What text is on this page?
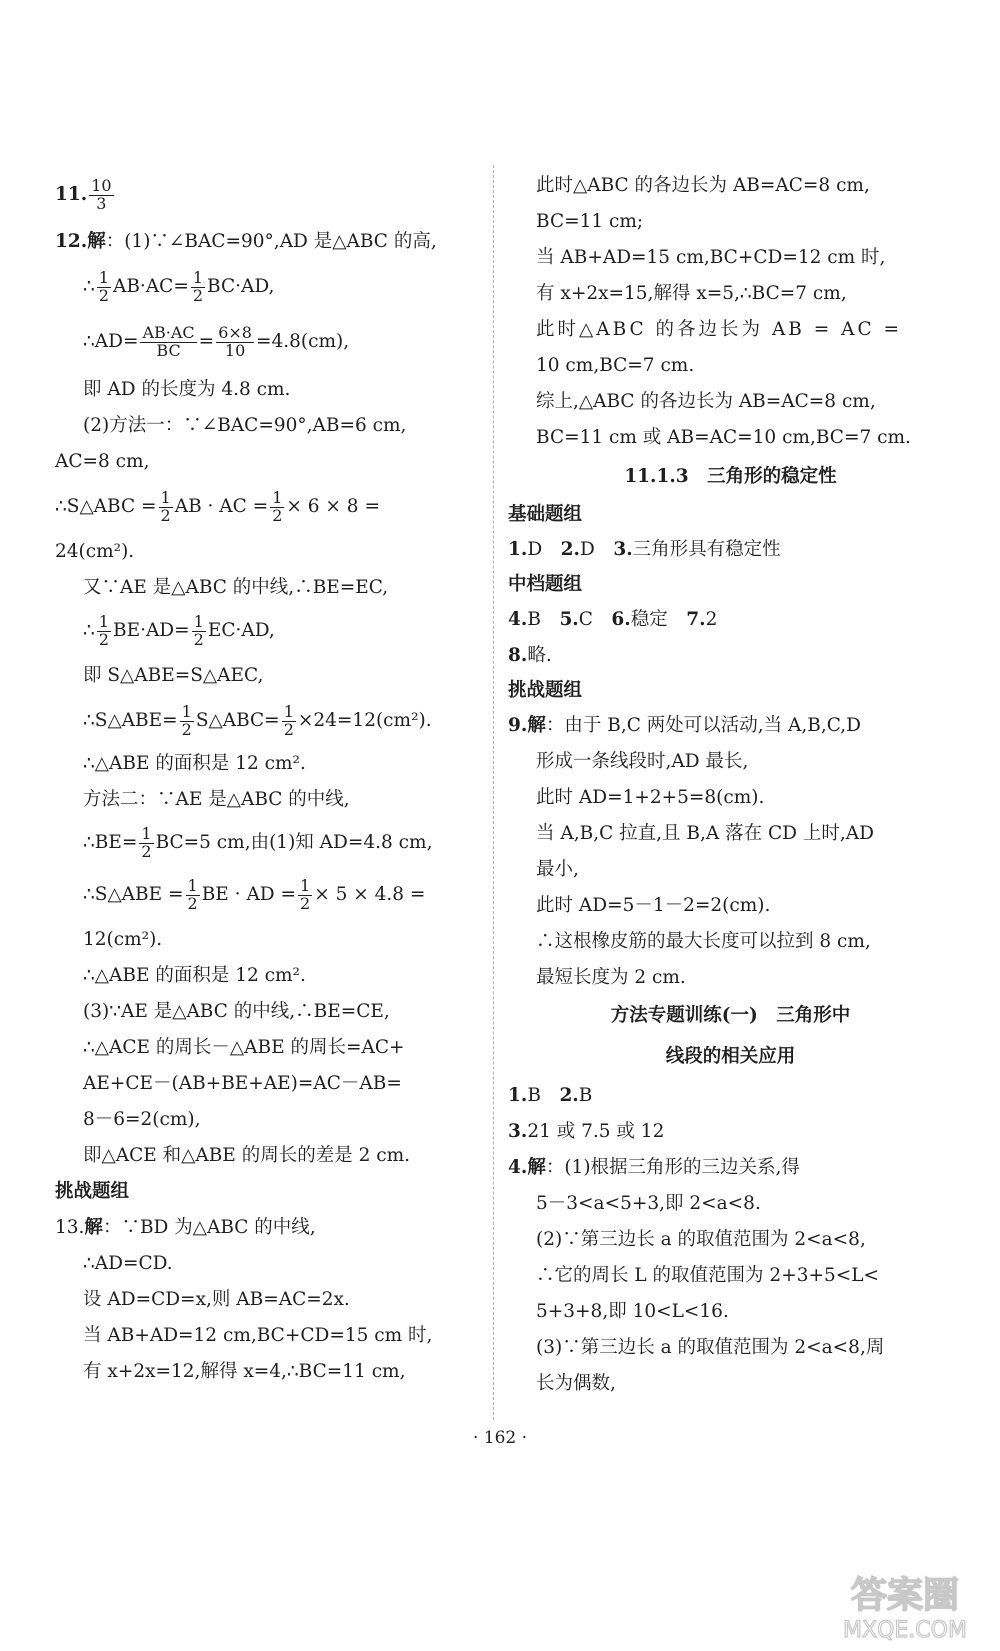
11. $\frac{10}{3}$
12. 解 ：(1)∵∠BAC=90°,AD 是△ABC 的高,
∴ $\frac{1}{2} AB\cdot AC= \frac{1}{2} BC\cdot AD$,
∴AD= $\frac{AB\cdot AC}{BC} = \frac{6\times 8}{10} =4.8(cm)$,
即 AD 的长度为 4.8 cm.
(2)方法一：∵∠BAC=90°,AB=6 cm,
AC=8 cm,
∴S△ABC = $\frac{1}{2}$ AB · AC = $\frac{1}{2} \times 6 \times 8$ =
24(cm²).
又∵AE 是△ABC 的中线,∴BE=EC,
∴ $\frac{1}{2} BE\cdot AD= \frac{1}{2} EC\cdot AD$,
即 S△ABE=S△AEC,
∴S△ABE= $\frac{1}{2}$ S△ABC= $\frac{1}{2} \times 24=12(cm^2)$.
∴△ABE 的面积是 12 cm².
方法二：∵AE 是△ABC 的中线,
∴BE= $\frac{1}{2} BC=5$ cm,由(1)知 AD=4.8 cm,
∴S△ABE = $\frac{1}{2}$ BE · AD = $\frac{1}{2} \times 5 \times 4.8$ =
12(cm²).
∴△ABE 的面积是 12 cm².
(3)∵AE 是△ABC 的中线,∴BE=CE,
∴△ACE 的周长－△ABE 的周长=AC+
AE+CE－(AB+BE+AE)=AC－AB=
8－6=2(cm),
即△ACE 和△ABE 的周长的差是 2 cm.
挑战题组
13. 解 ：∵BD 为△ABC 的中线,
∴AD=CD.
设 AD=CD=x,则 AB=AC=2x.
当 AB+AD=12 cm,BC+CD=15 cm 时,
有 x+2x=12,解得 x=4,∴BC=11 cm,
此时△ABC 的各边长为 AB=AC=8 cm,
BC=11 cm;
当 AB+AD=15 cm,BC+CD=12 cm 时,
有 x+2x=15,解得 x=5,∴BC=7 cm,
此时△ABC 的各边长为 AB = AC =
10 cm,BC=7 cm.
综上,△ABC 的各边长为 AB=AC=8 cm,
BC=11 cm 或 AB=AC=10 cm,BC=7 cm.
11.1.3　三角形的稳定性
基础题组
1. D　 2. D　 3. 三角形具有稳定性
中档题组
4. B　 5. C　 6. 稳定　 7. 2
8. 略.
挑战题组
9. 解 ：由于 B,C 两处可以活动,当 A,B,C,D
形成一条线段时,AD 最长,
此时 AD=1+2+5=8(cm).
当 A,B,C 拉直,且 B,A 落在 CD 上时,AD
最小,
此时 AD=5－1－2=2(cm).
∴这根橡皮筋的最大长度可以拉到 8 cm,
最短长度为 2 cm.
方法专题训练(一)　三角形中
线段的相关应用
1. B　 2. B
3. 21 或 7.5 或 12
4. 解 ：(1)根据三角形的三边关系,得
5－3<a<5+3,即 2<a<8.
(2)∵第三边长 a 的取值范围为 2<a<8,
∴它的周长 L 的取值范围为 2+3+5<L<
5+3+8,即 10<L<16.
(3)∵第三边长 a 的取值范围为 2<a<8,周
长为偶数,
· 162 ·
答案圈
MXQE.COM
